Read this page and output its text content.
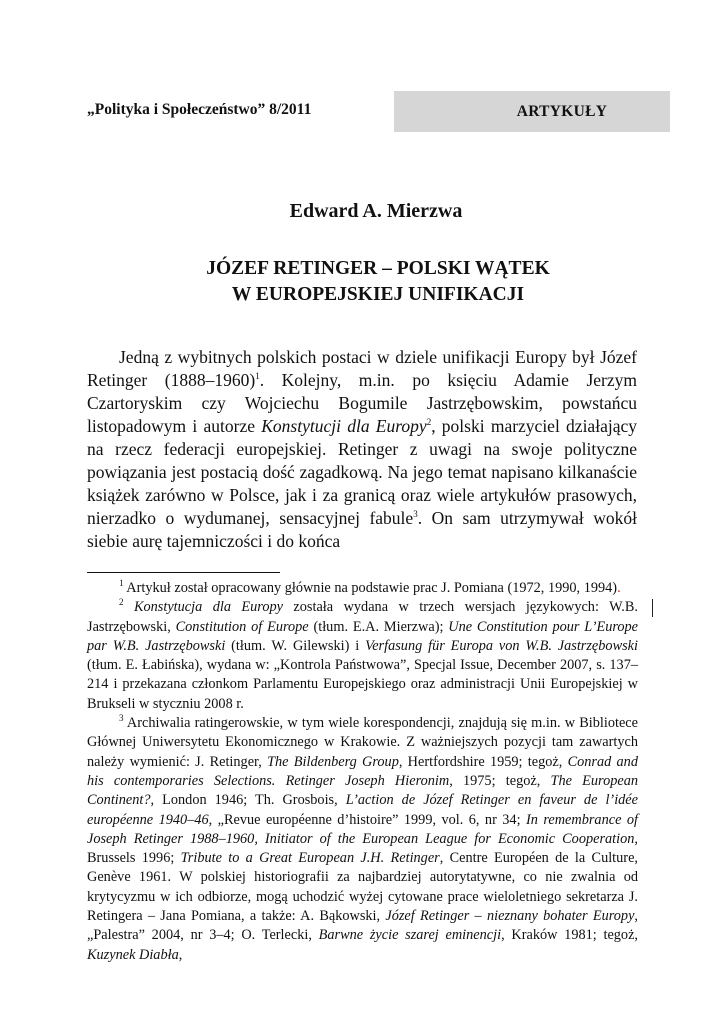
„Polityka i Społeczeństwo” 8/2011	ARTYKUŁY
Edward A. Mierzwa
JÓZEF RETINGER – POLSKI WĄTEK
W EUROPEJSKIEJ UNIFIKACJI

Jedną z wybitnych polskich postaci w dziele unifikacji Europy był Józef Retinger (1888–1960)$^1$. Kolejny, m.in. po księciu Adamie Jerzym Czartoryskim czy Wojciechu Bogumile Jastrzębowskim, powstańcu listopadowym i autorze Konstytucji dla Europy$^2$, polski marzyciel działający na rzecz federacji europejskiej. Retinger z uwagi na swoje polityczne powiązania jest postacią dość zagadkową. Na jego temat napisano kilkanaście książek zarówno w Polsce, jak i za granicą oraz wiele artykułów prasowych, nierzadko o wydumanej, sensacyjnej fabule$^3$. On sam utrzymywał wokół siebie aurę tajemniczości i do końca

$^1$ Artykuł został opracowany głównie na podstawie prac J. Pomiana (1972, 1990, 1994).

$^2$ Konstytucja dla Europy została wydana w trzech wersjach językowych: W.B. Jastrzębowski, Constitution of Europe (tłum. E.A. Mierzwa); Une Constitution pour L’Europe par W.B. Jastrzębowski (tłum. W. Gilewski) i Verfasung für Europa von W.B. Jastrzębowski (tłum. E. Łabińska), wydana w: „Kontrola Państwowa”, Specjal Issue, December 2007, s. 137–214 i przekazana członkom Parlamentu Europejskiego oraz administracji Unii Europejskiej w Brukseli w styczniu 2008 r.

$^3$ Archiwalia ratingerowskie, w tym wiele korespondencji, znajdują się m.in. w Bibliotece Głównej Uniwersytetu Ekonomicznego w Krakowie. Z ważniejszych pozycji tam zawartych należy wymienić: J. Retinger, The Bildenberg Group, Hertfordshire 1959; tegoż, Conrad and his contemporaries Selections. Retinger Joseph Hieronim, 1975; tegoż, The European Continent?, London 1946; Th. Grosbois, L’action de Józef Retinger en faveur de l’idée européenne 1940–46, „Revue européenne d’histoire” 1999, vol. 6, nr 34; In remembrance of Joseph Retinger 1988–1960, Initiator of the European League for Economic Cooperation, Brussels 1996; Tribute to a Great European J.H. Retinger, Centre Européen de la Culture, Genève 1961. W polskiej historiografii za najbardziej autorytatywne, co nie zwalnia od krytycyzmu w ich odbiorze, mogą uchodzić wyżej cytowane prace wieloletniego sekretarza J. Retingera – Jana Pomiana, a także: A. Bąkowski, Józef Retinger – nieznany bohater Europy, „Palestra” 2004, nr 3–4; O. Terlecki, Barwne życie szarej eminencji, Kraków 1981; tegoż, Kuzynek Diabła,
